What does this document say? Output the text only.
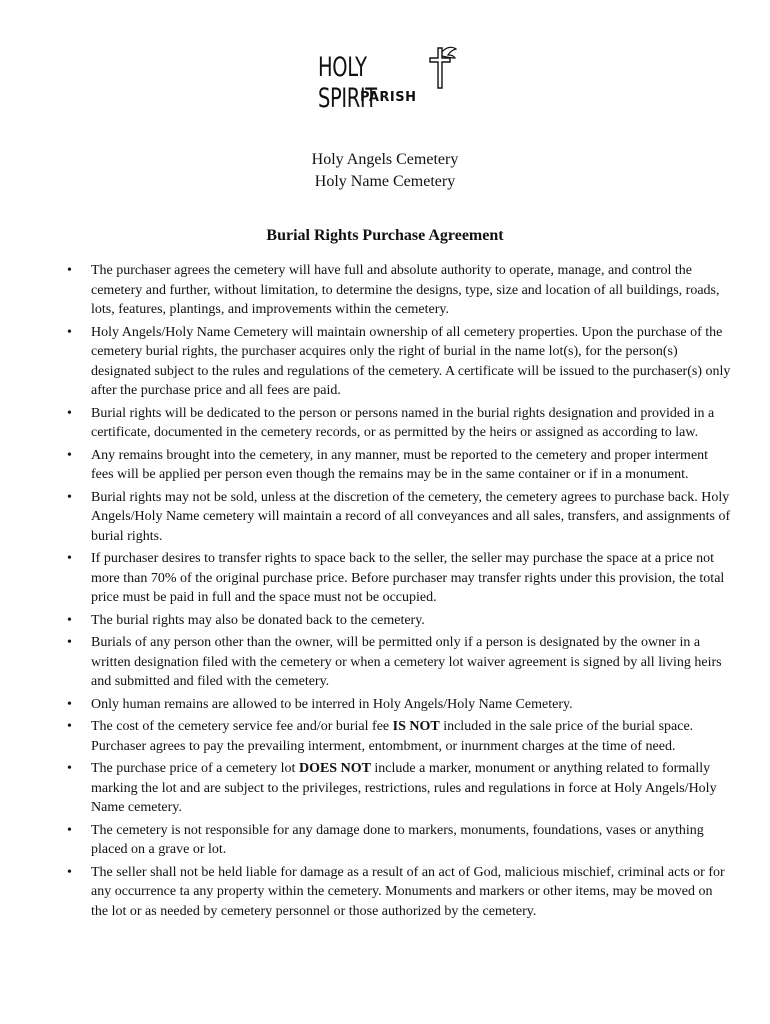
HOLY SPIRIT
PARISH
Holy Angels Cemetery
Holy Name Cemetery
Burial Rights Purchase Agreement
• The purchaser agrees the cemetery will have full and absolute authority to operate, manage, and control the cemetery and further, without limitation, to determine the designs, type, size and location of all buildings, roads, lots, features, plantings, and improvements within the cemetery.
• Holy Angels/Holy Name Cemetery will maintain ownership of all cemetery properties. Upon the purchase of the cemetery burial rights, the purchaser acquires only the right of burial in the name lot(s), for the person(s) designated subject to the rules and regulations of the cemetery. A certificate will be issued to the purchaser(s) only after the purchase price and all fees are paid.
• Burial rights will be dedicated to the person or persons named in the burial rights designation and provided in a certificate, documented in the cemetery records, or as permitted by the heirs or assigned as according to law.
• Any remains brought into the cemetery, in any manner, must be reported to the cemetery and proper interment fees will be applied per person even though the remains may be in the same container or if in a monument.
• Burial rights may not be sold, unless at the discretion of the cemetery, the cemetery agrees to purchase back. Holy Angels/Holy Name cemetery will maintain a record of all conveyances and all sales, transfers, and assignments of burial rights.
• If purchaser desires to transfer rights to space back to the seller, the seller may purchase the space at a price not more than 70% of the original purchase price. Before purchaser may transfer rights under this provision, the total price must be paid in full and the space must not be occupied.
• The burial rights may also be donated back to the cemetery.
• Burials of any person other than the owner, will be permitted only if a person is designated by the owner in a written designation filed with the cemetery or when a cemetery lot waiver agreement is signed by all living heirs and submitted and filed with the cemetery.
• Only human remains are allowed to be interred in Holy Angels/Holy Name Cemetery.
• The cost of the cemetery service fee and/or burial fee IS NOT included in the sale price of the burial space. Purchaser agrees to pay the prevailing interment, entombment, or inurnment charges at the time of need.
• The purchase price of a cemetery lot DOES NOT include a marker, monument or anything related to formally marking the lot and are subject to the privileges, restrictions, rules and regulations in force at Holy Angels/Holy Name cemetery.
• The cemetery is not responsible for any damage done to markers, monuments, foundations, vases or anything placed on a grave or lot.
• The seller shall not be held liable for damage as a result of an act of God, malicious mischief, criminal acts or for any occurrence ta any property within the cemetery. Monuments and markers or other items, may be moved on the lot or as needed by cemetery personnel or those authorized by the cemetery.
